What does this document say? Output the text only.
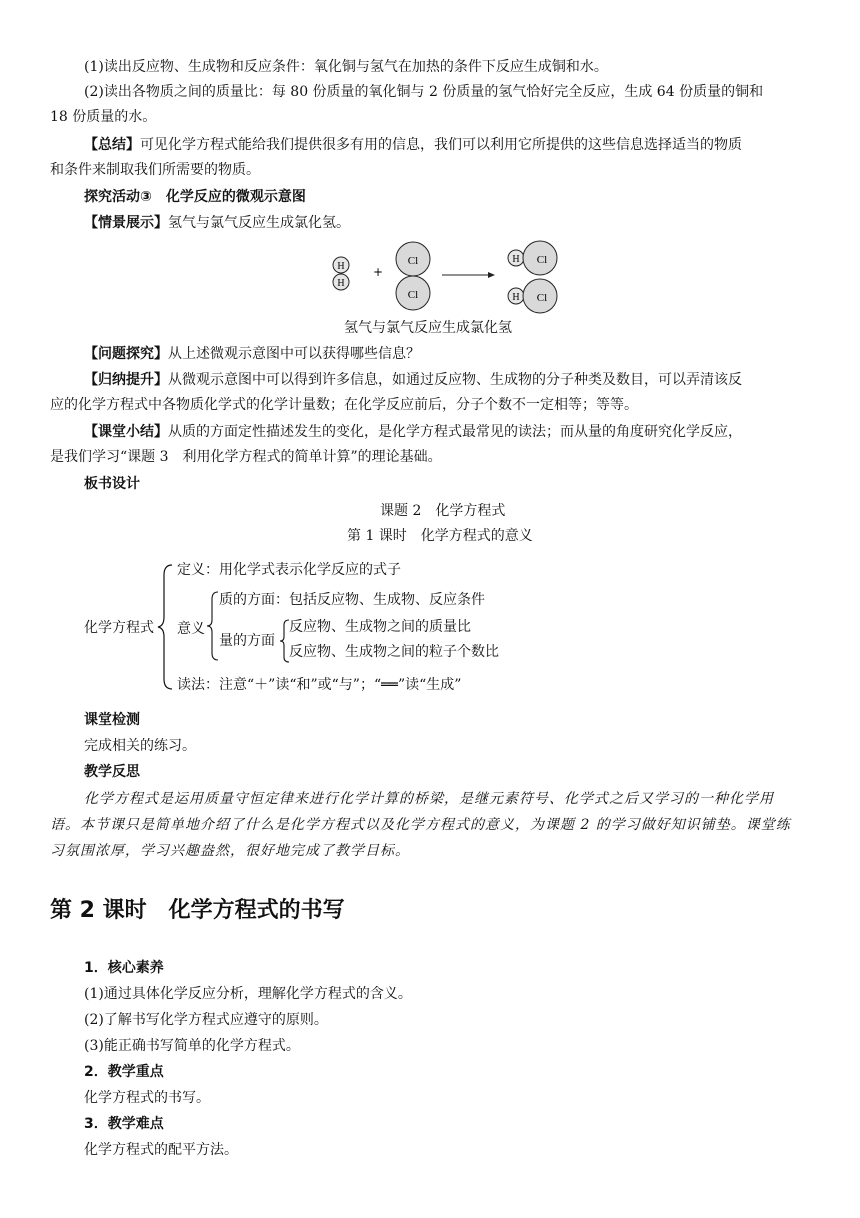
(1)读出反应物、生成物和反应条件：氧化铜与氢气在加热的条件下反应生成铜和水。
(2)读出各物质之间的质量比：每 80 份质量的氧化铜与 2 份质量的氢气恰好完全反应，生成 64 份质量的铜和
18 份质量的水。
【总结】可见化学方程式能给我们提供很多有用的信息，我们可以利用它所提供的这些信息选择适当的物质
和条件来制取我们所需要的物质。
探究活动③　化学反应的微观示意图
【情景展示】氢气与氯气反应生成氯化氢。
H
H
+
Cl
Cl
H Cl
H Cl
氢气与氯气反应生成氯化氢
【问题探究】从上述微观示意图中可以获得哪些信息？
【归纳提升】从微观示意图中可以得到许多信息，如通过反应物、生成物的分子种类及数目，可以弄清该反
应的化学方程式中各物质化学式的化学计量数；在化学反应前后，分子个数不一定相等；等等。
【课堂小结】从质的方面定性描述发生的变化，是化学方程式最常见的读法；而从量的角度研究化学反应，
是我们学习“课题 3　利用化学方程式的简单计算”的理论基础。
板书设计
课题 2　化学方程式
第 1 课时　化学方程式的意义
化学方程式
定义：用化学式表示化学反应的式子
意义
质的方面：包括反应物、生成物、反应条件
量的方面
反应物、生成物之间的质量比
反应物、生成物之间的粒子个数比
读法：注意“＋”读“和”或“与”；“══”读“生成”
课堂检测
完成相关的练习。
教学反思
化学方程式是运用质量守恒定律来进行化学计算的桥梁，是继元素符号、化学式之后又学习的一种化学用
语。本节课只是简单地介绍了什么是化学方程式以及化学方程式的意义，为课题 2 的学习做好知识铺垫。课堂练
习氛围浓厚，学习兴趣盎然，很好地完成了教学目标。
第 2 课时　化学方程式的书写
1．核心素养
(1)通过具体化学反应分析，理解化学方程式的含义。
(2)了解书写化学方程式应遵守的原则。
(3)能正确书写简单的化学方程式。
2．教学重点
化学方程式的书写。
3．教学难点
化学方程式的配平方法。
